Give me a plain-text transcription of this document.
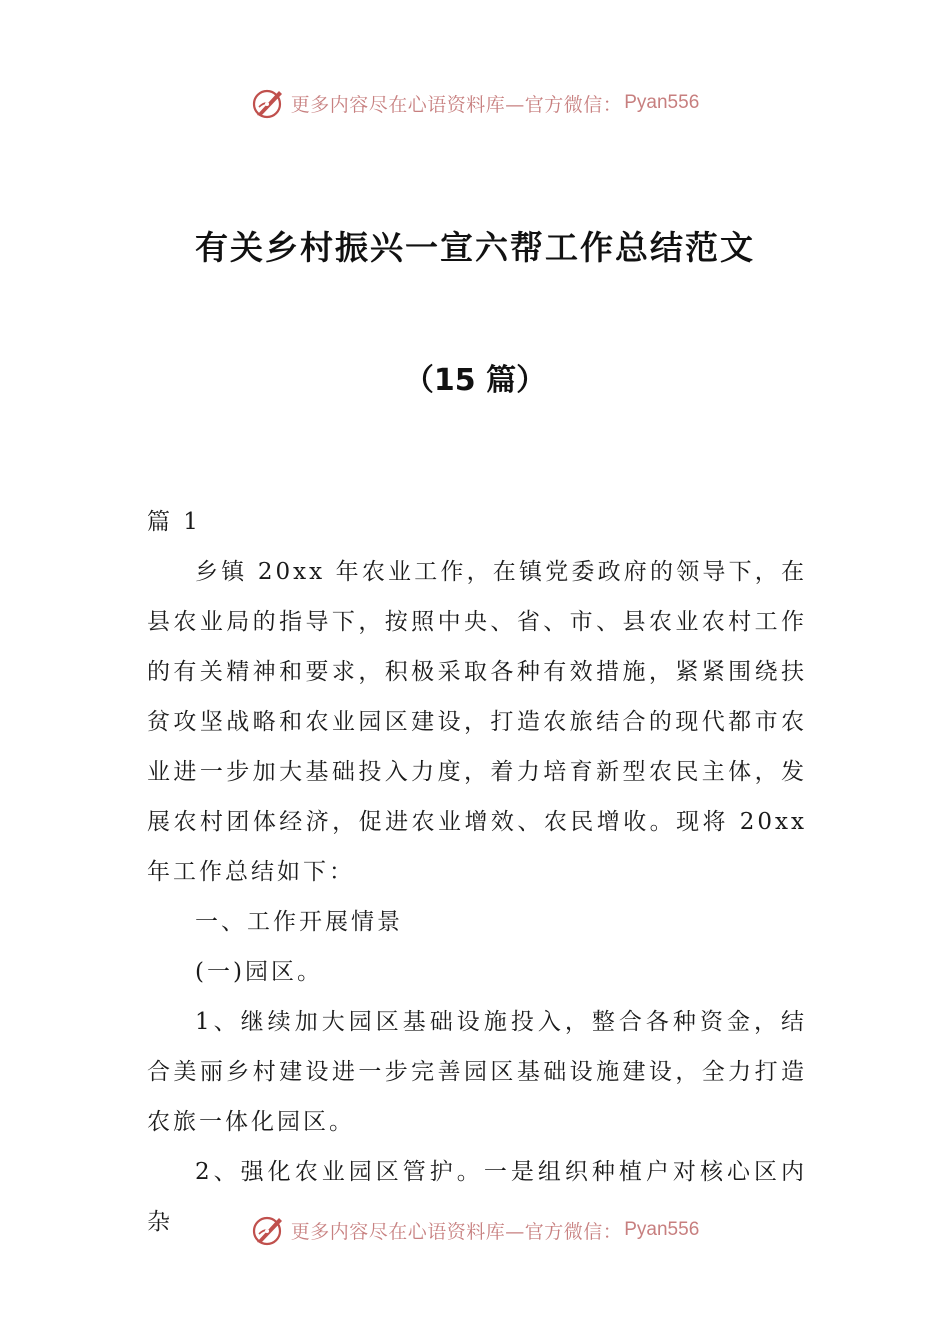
更多内容尽在心语资料库—官方微信： Pyan556
有关乡村振兴一宣六帮工作总结范文
（15 篇）

篇 1

乡镇 20xx 年农业工作，在镇党委政府的领导下，在县农业局的指导下，按照中央、省、市、县农业农村工作的有关精神和要求，积极采取各种有效措施，紧紧围绕扶贫攻坚战略和农业园区建设，打造农旅结合的现代都市农业进一步加大基础投入力度，着力培育新型农民主体，发展农村团体经济，促进农业增效、农民增收。现将 20xx 年工作总结如下：

一、工作开展情景

(一)园区。

1、继续加大园区基础设施投入，整合各种资金，结合美丽乡村建设进一步完善园区基础设施建设，全力打造农旅一体化园区。

2、强化农业园区管护。一是组织种植户对核心区内杂	更多内容尽在心语资料库—官方微信： Pyan556
